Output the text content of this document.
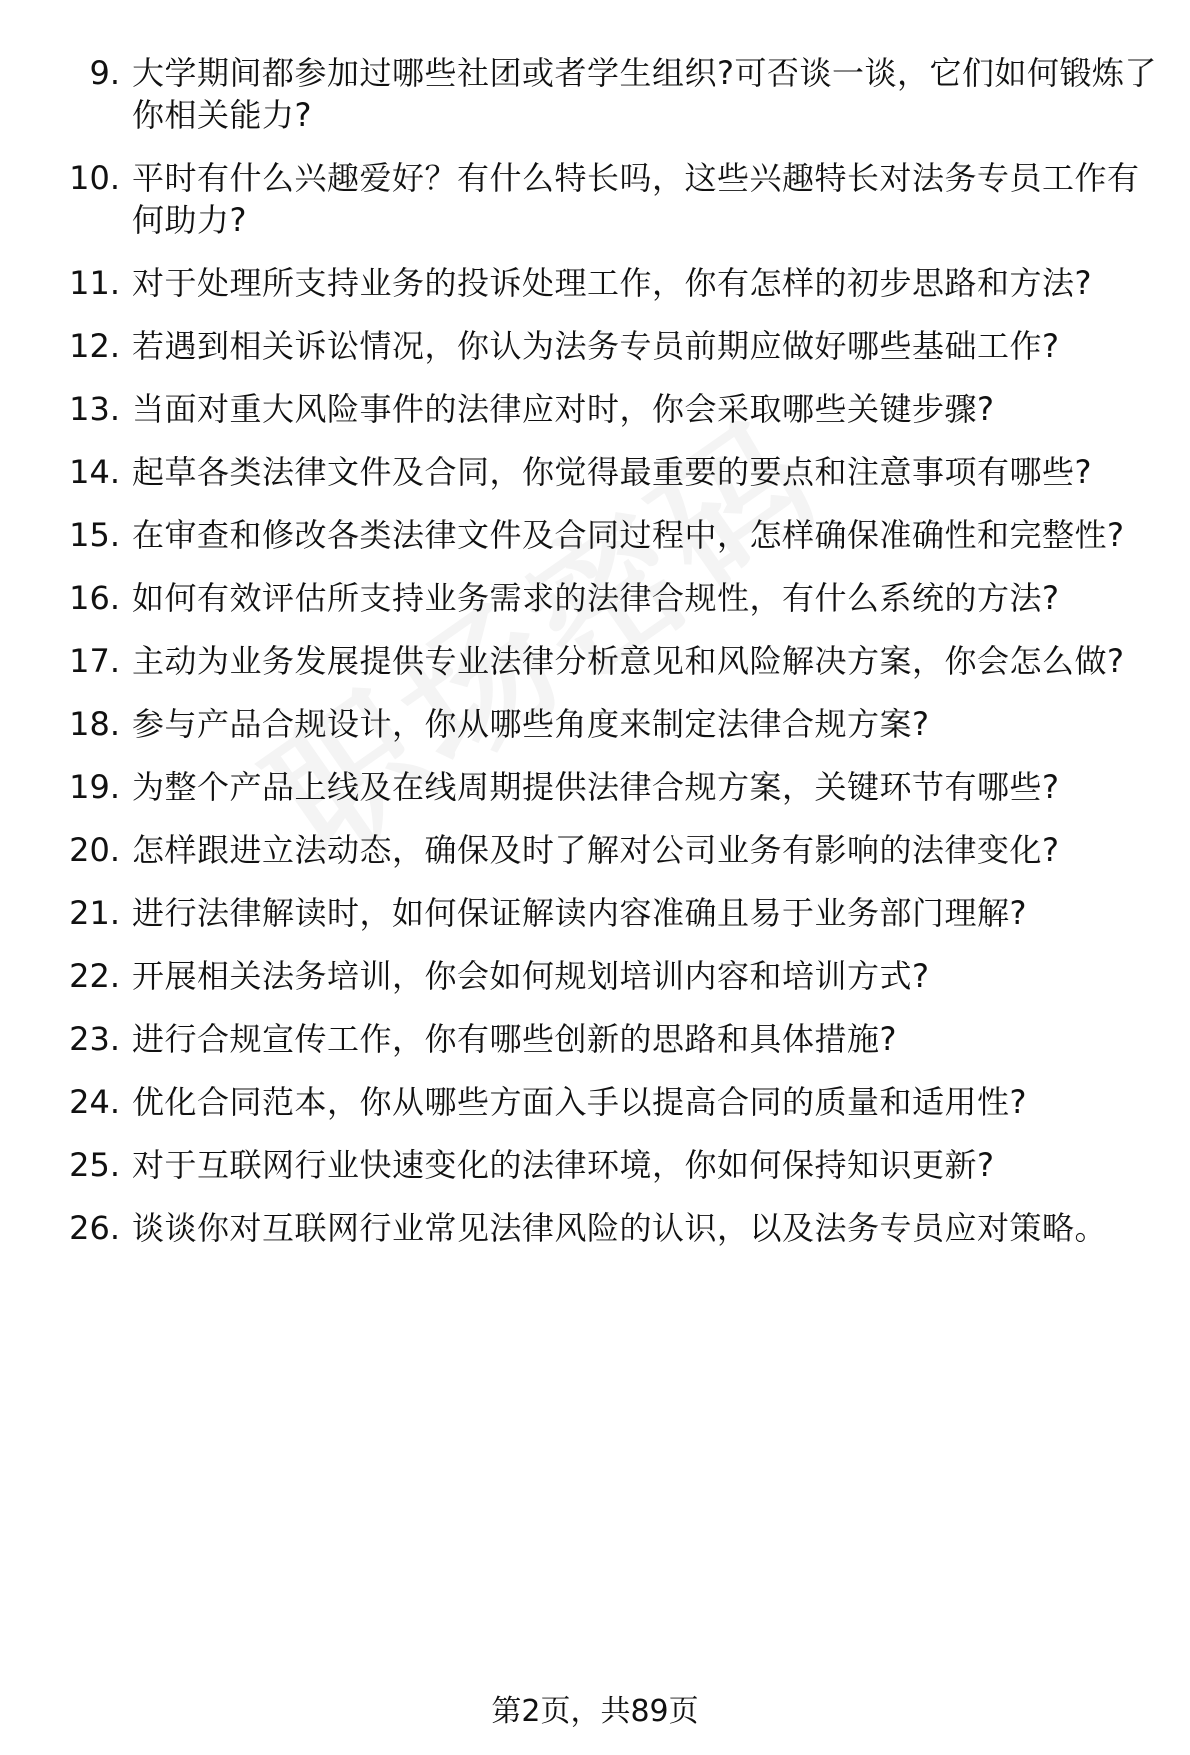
9. 大学期间都参加过哪些社团或者学生组织?可否谈一谈，它们如何锻炼了你相关能力?
10. 平时有什么兴趣爱好？有什么特长吗，这些兴趣特长对法务专员工作有何助力?
11. 对于处理所支持业务的投诉处理工作，你有怎样的初步思路和方法?
12. 若遇到相关诉讼情况，你认为法务专员前期应做好哪些基础工作?
13. 当面对重大风险事件的法律应对时，你会采取哪些关键步骤?
14. 起草各类法律文件及合同，你觉得最重要的要点和注意事项有哪些?
15. 在审查和修改各类法律文件及合同过程中，怎样确保准确性和完整性?
16. 如何有效评估所支持业务需求的法律合规性，有什么系统的方法?
17. 主动为业务发展提供专业法律分析意见和风险解决方案，你会怎么做?
18. 参与产品合规设计，你从哪些角度来制定法律合规方案?
19. 为整个产品上线及在线周期提供法律合规方案，关键环节有哪些?
20. 怎样跟进立法动态，确保及时了解对公司业务有影响的法律变化?
21. 进行法律解读时，如何保证解读内容准确且易于业务部门理解?
22. 开展相关法务培训，你会如何规划培训内容和培训方式?
23. 进行合规宣传工作，你有哪些创新的思路和具体措施?
24. 优化合同范本，你从哪些方面入手以提高合同的质量和适用性?
25. 对于互联网行业快速变化的法律环境，你如何保持知识更新?
26. 谈谈你对互联网行业常见法律风险的认识，以及法务专员应对策略。
第2页，共89页
